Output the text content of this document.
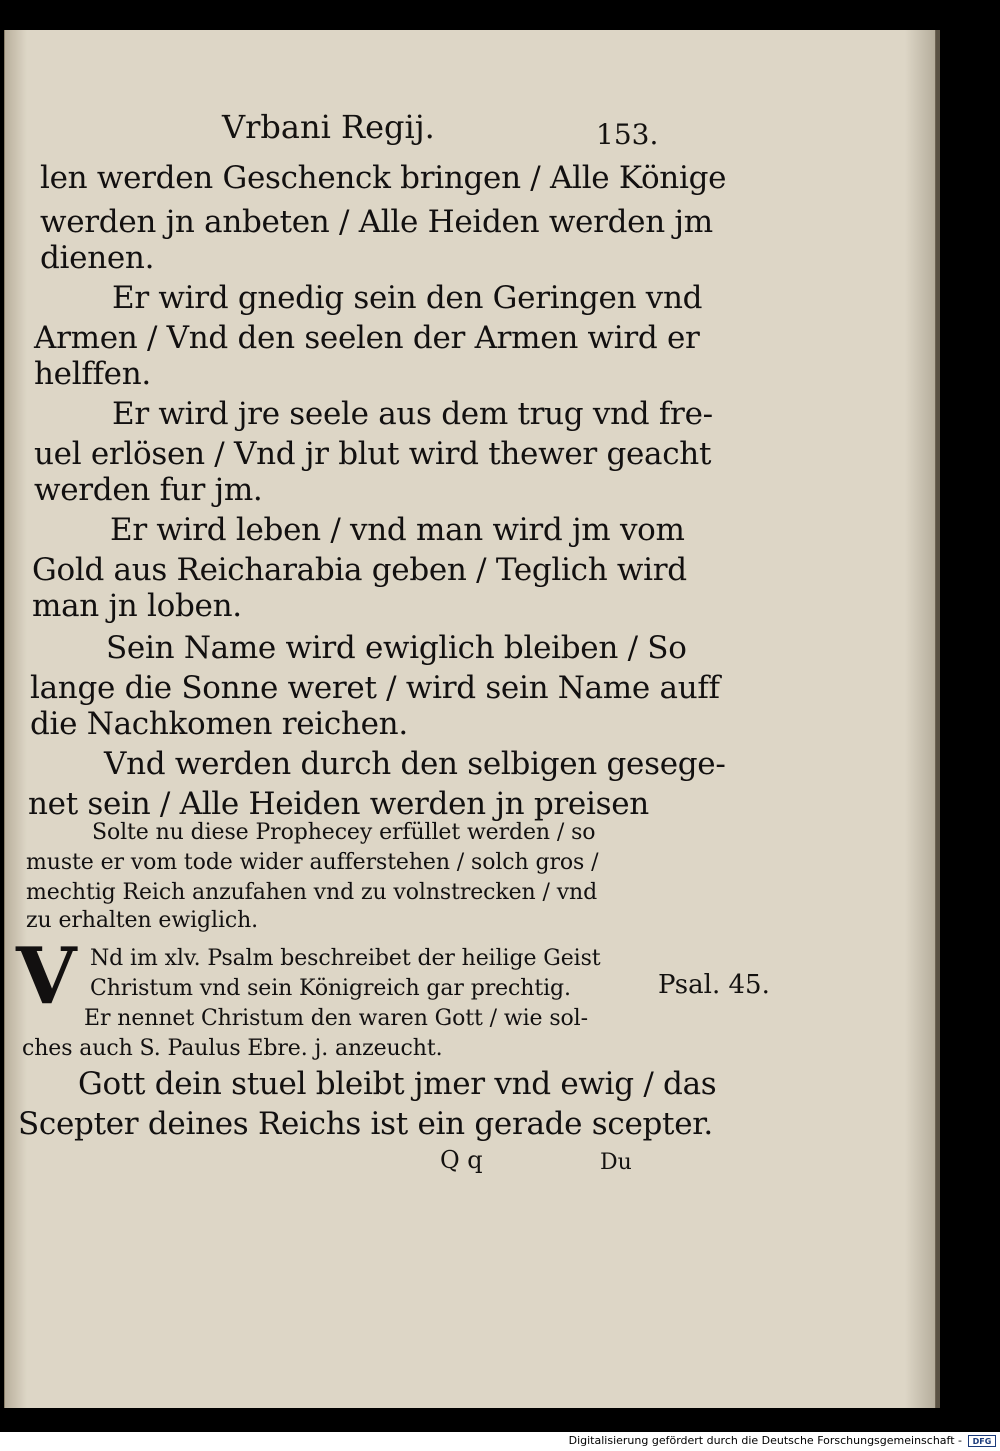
Vrbani Regij.	153.
len werden Geschenck bringen / Alle Könige
werden jn anbeten / Alle Heiden werden jm
dienen.
Er wird gnedig sein den Geringen vnd
Armen / Vnd den seelen der Armen wird er
helffen.
Er wird jre seele aus dem trug vnd fre-
uel erlösen / Vnd jr blut wird thewer geacht
werden fur jm.
Er wird leben / vnd man wird jm vom
Gold aus Reicharabia geben / Teglich wird
man jn loben.
Sein Name wird ewiglich bleiben / So
lange die Sonne weret / wird sein Name auff
die Nachkomen reichen.
Vnd werden durch den selbigen gesege-
net sein / Alle Heiden werden jn preisen
Solte nu diese Prophecey erfüllet werden / so
muste er vom tode wider aufferstehen / solch gros /
mechtig Reich anzufahen vnd zu volnstrecken / vnd
zu erhalten ewiglich.
V Nd im xlv. Psalm beschreibet der heilige Geist
Christum vnd sein Königreich gar prechtig.
Er nennet Christum den waren Gott / wie sol-
ches auch S. Paulus Ebre. j. anzeucht.
Psal. 45.
Gott dein stuel bleibt jmer vnd ewig / das
Scepter deines Reichs ist ein gerade scepter.
Q q	Du
Digitalisierung gefördert durch die Deutsche Forschungsgemeinschaft -	DFG
